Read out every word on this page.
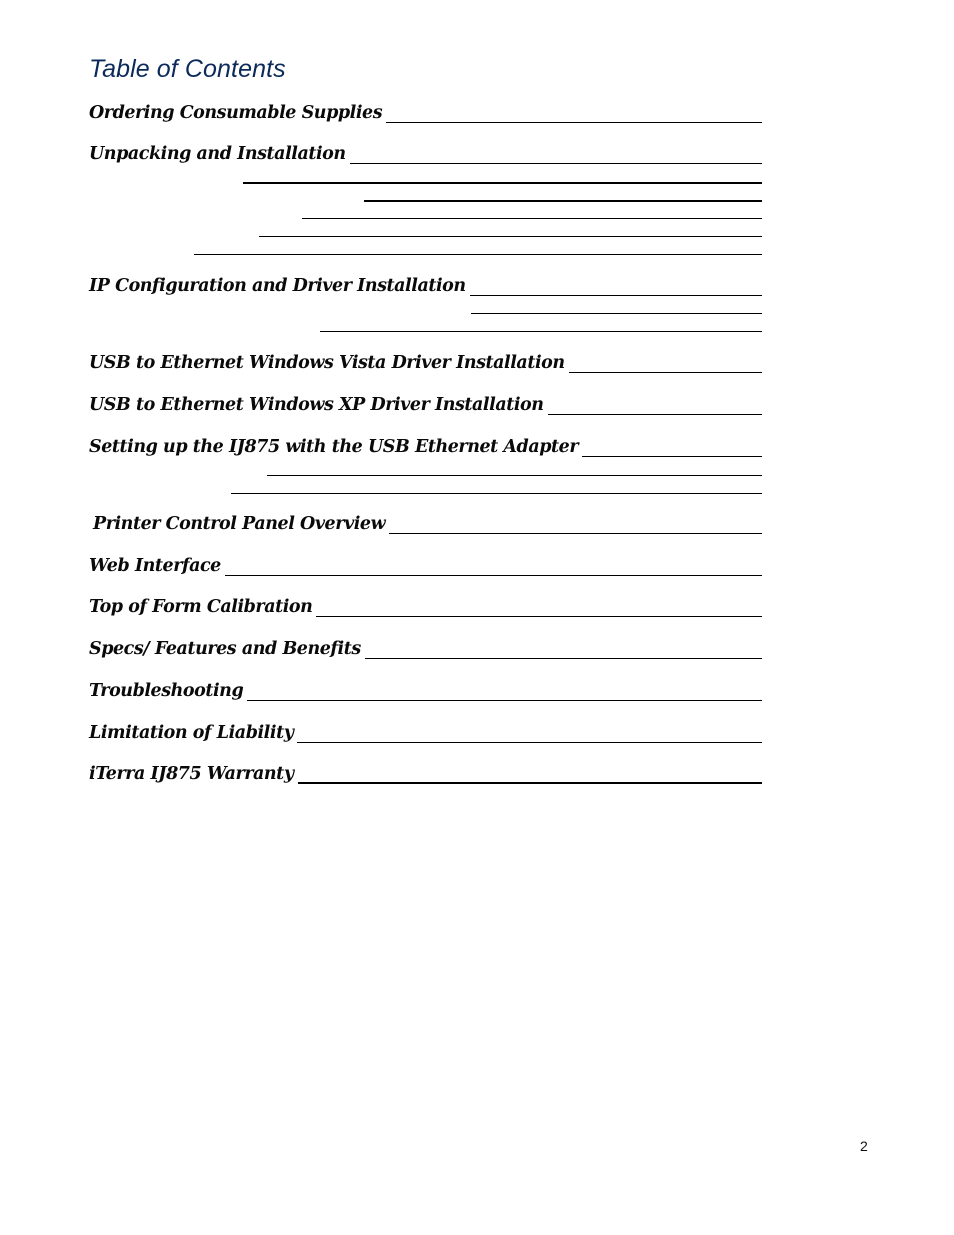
Table of Contents
Ordering Consumable Supplies
Unpacking and Installation
IP Configuration and Driver Installation
USB to Ethernet Windows Vista Driver Installation
USB to Ethernet Windows XP Driver Installation
Setting up the IJ875 with the USB Ethernet Adapter
Printer Control Panel Overview
Web Interface
Top of Form Calibration
Specs/ Features and Benefits
Troubleshooting
Limitation of Liability
iTerra IJ875 Warranty
2
